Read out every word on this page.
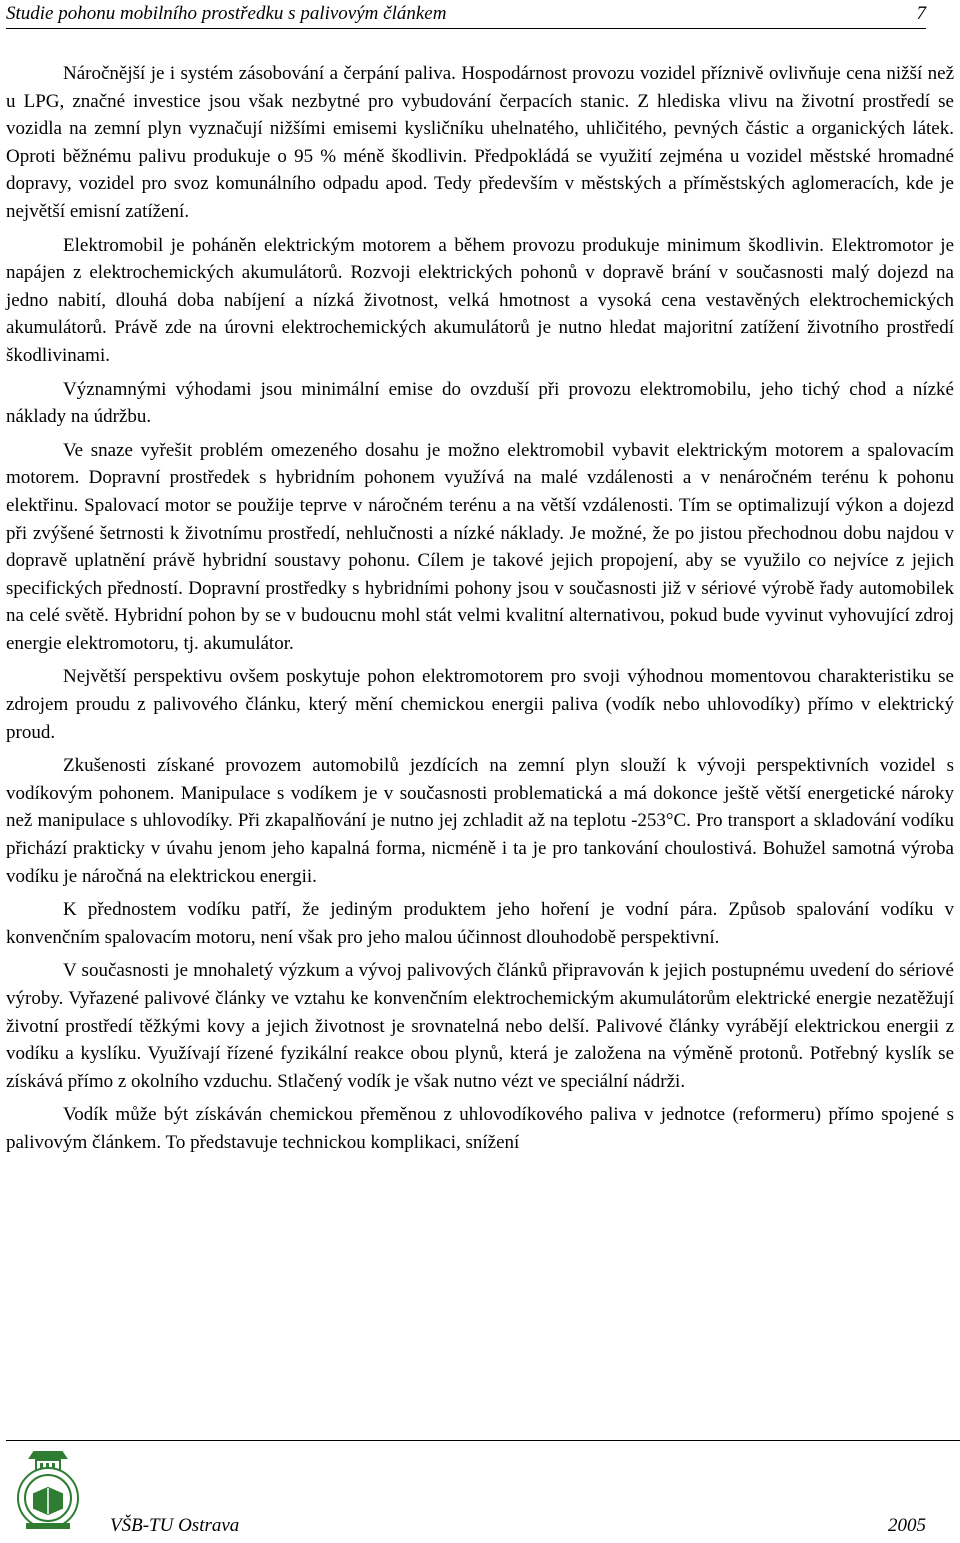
Studie pohonu mobilního prostředku s palivovým článkem	7

Náročnější je i systém zásobování a čerpání paliva. Hospodárnost provozu vozidel příznivě ovlivňuje cena nižší než u LPG, značné investice jsou však nezbytné pro vybudování čerpacích stanic. Z hlediska vlivu na životní prostředí se vozidla na zemní plyn vyznačují nižšími emisemi kysličníku uhelnatého, uhličitého, pevných částic a organických látek. Oproti běžnému palivu produkuje o 95 % méně škodlivin. Předpokládá se využití zejména u vozidel městské hromadné dopravy, vozidel pro svoz komunálního odpadu apod. Tedy především v městských a příměstských aglomeracích, kde je největší emisní zatížení.

Elektromobil je poháněn elektrickým motorem a během provozu produkuje minimum škodlivin. Elektromotor je napájen z elektrochemických akumulátorů. Rozvoji elektrických pohonů v dopravě brání v současnosti malý dojezd na jedno nabití, dlouhá doba nabíjení a nízká životnost, velká hmotnost a vysoká cena vestavěných elektrochemických akumulátorů. Právě zde na úrovni elektrochemických akumulátorů je nutno hledat majoritní zatížení životního prostředí škodlivinami.

Významnými výhodami jsou minimální emise do ovzduší při provozu elektromobilu, jeho tichý chod a nízké náklady na údržbu.

Ve snaze vyřešit problém omezeného dosahu je možno elektromobil vybavit elektrickým motorem a spalovacím motorem. Dopravní prostředek s hybridním pohonem využívá na malé vzdálenosti a v nenáročném terénu k pohonu elektřinu. Spalovací motor se použije teprve v náročném terénu a na větší vzdálenosti. Tím se optimalizují výkon a dojezd při zvýšené šetrnosti k životnímu prostředí, nehlučnosti a nízké náklady. Je možné, že po jistou přechodnou dobu najdou v dopravě uplatnění právě hybridní soustavy pohonu. Cílem je takové jejich propojení, aby se využilo co nejvíce z jejich specifických předností. Dopravní prostředky s hybridními pohony jsou v současnosti již v sériové výrobě řady automobilek na celé světě. Hybridní pohon by se v budoucnu mohl stát velmi kvalitní alternativou, pokud bude vyvinut vyhovující zdroj energie elektromotoru, tj. akumulátor.

Největší perspektivu ovšem poskytuje pohon elektromotorem pro svoji výhodnou momentovou charakteristiku se zdrojem proudu z palivového článku, který mění chemickou energii paliva (vodík nebo uhlovodíky) přímo v elektrický proud.

Zkušenosti získané provozem automobilů jezdících na zemní plyn slouží k vývoji perspektivních vozidel s vodíkovým pohonem. Manipulace s vodíkem je v současnosti problematická a má dokonce ještě větší energetické nároky než manipulace s uhlovodíky. Při zkapalňování je nutno jej zchladit až na teplotu -253°C. Pro transport a skladování vodíku přichází prakticky v úvahu jenom jeho kapalná forma, nicméně i ta je pro tankování choulostivá. Bohužel samotná výroba vodíku je náročná na elektrickou energii.

K přednostem vodíku patří, že jediným produktem jeho hoření je vodní pára. Způsob spalování vodíku v konvenčním spalovacím motoru, není však pro jeho malou účinnost dlouhodobě perspektivní.

V současnosti je mnohaletý výzkum a vývoj palivových článků připravován k jejich postupnému uvedení do sériové výroby. Vyřazené palivové články ve vztahu ke konvenčním elektrochemickým akumulátorům elektrické energie nezatěžují životní prostředí těžkými kovy a jejich životnost je srovnatelná nebo delší. Palivové články vyrábějí elektrickou energii z vodíku a kyslíku. Využívají řízené fyzikální reakce obou plynů, která je založena na výměně protonů. Potřebný kyslík se získává přímo z okolního vzduchu. Stlačený vodík je však nutno vézt ve speciální nádrži.

Vodík může být získáván chemickou přeměnou z uhlovodíkového paliva v jednotce (reformeru) přímo spojené s palivovým článkem. To představuje technickou komplikaci, snížení

VŠB-TU Ostrava	2005
